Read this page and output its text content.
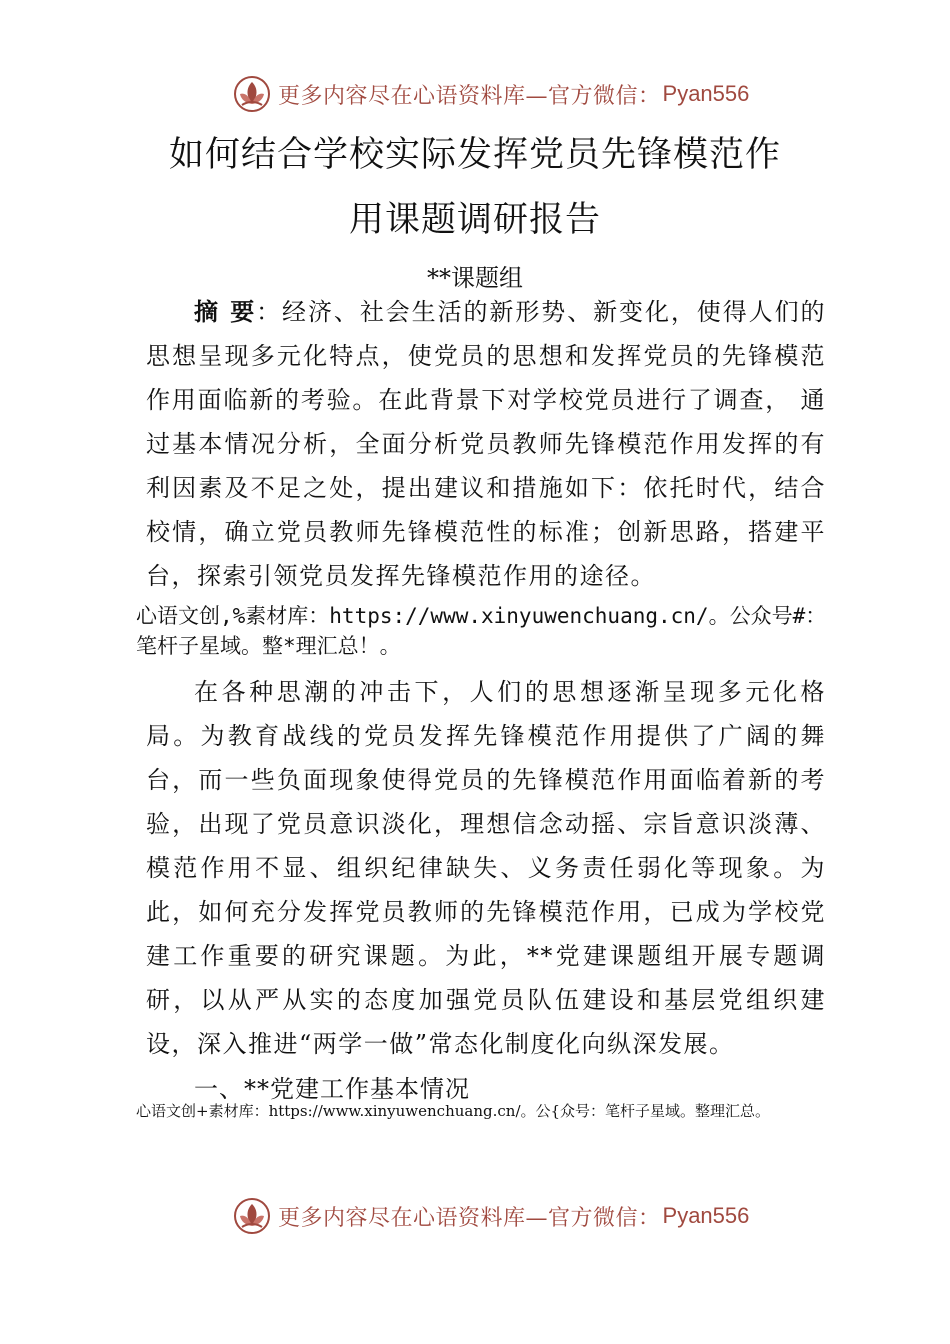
更多内容尽在心语资料库—官方微信： Pyan556
如何结合学校实际发挥党员先锋模范作
用课题调研报告
**课题组
摘 要：经济、社会生活的新形势、新变化，使得人们的思想呈现多元化特点，使党员的思想和发挥党员的先锋模范作用面临新的考验。在此背景下对学校党员进行了调查， 通过基本情况分析，全面分析党员教师先锋模范作用发挥的有利因素及不足之处，提出建议和措施如下：依托时代，结合校情，确立党员教师先锋模范性的标准；创新思路，搭建平台，探索引领党员发挥先锋模范作用的途径。
心语文创,%素材库：https://www.xinyuwenchuang.cn/。公众号#：笔杆子星域。整*理汇总！。
在各种思潮的冲击下，人们的思想逐渐呈现多元化格局。为教育战线的党员发挥先锋模范作用提供了广阔的舞台，而一些负面现象使得党员的先锋模范作用面临着新的考验，出现了党员意识淡化，理想信念动摇、宗旨意识淡薄、模范作用不显、组织纪律缺失、义务责任弱化等现象。为此，如何充分发挥党员教师的先锋模范作用，已成为学校党建工作重要的研究课题。为此，**党建课题组开展专题调研，以从严从实的态度加强党员队伍建设和基层党组织建设，深入推进“两学一做”常态化制度化向纵深发展。
一、**党建工作基本情况
心语文创+素材库：https://www.xinyuwenchuang.cn/。公{众号：笔杆子星域。整理汇总。
更多内容尽在心语资料库—官方微信： Pyan556
